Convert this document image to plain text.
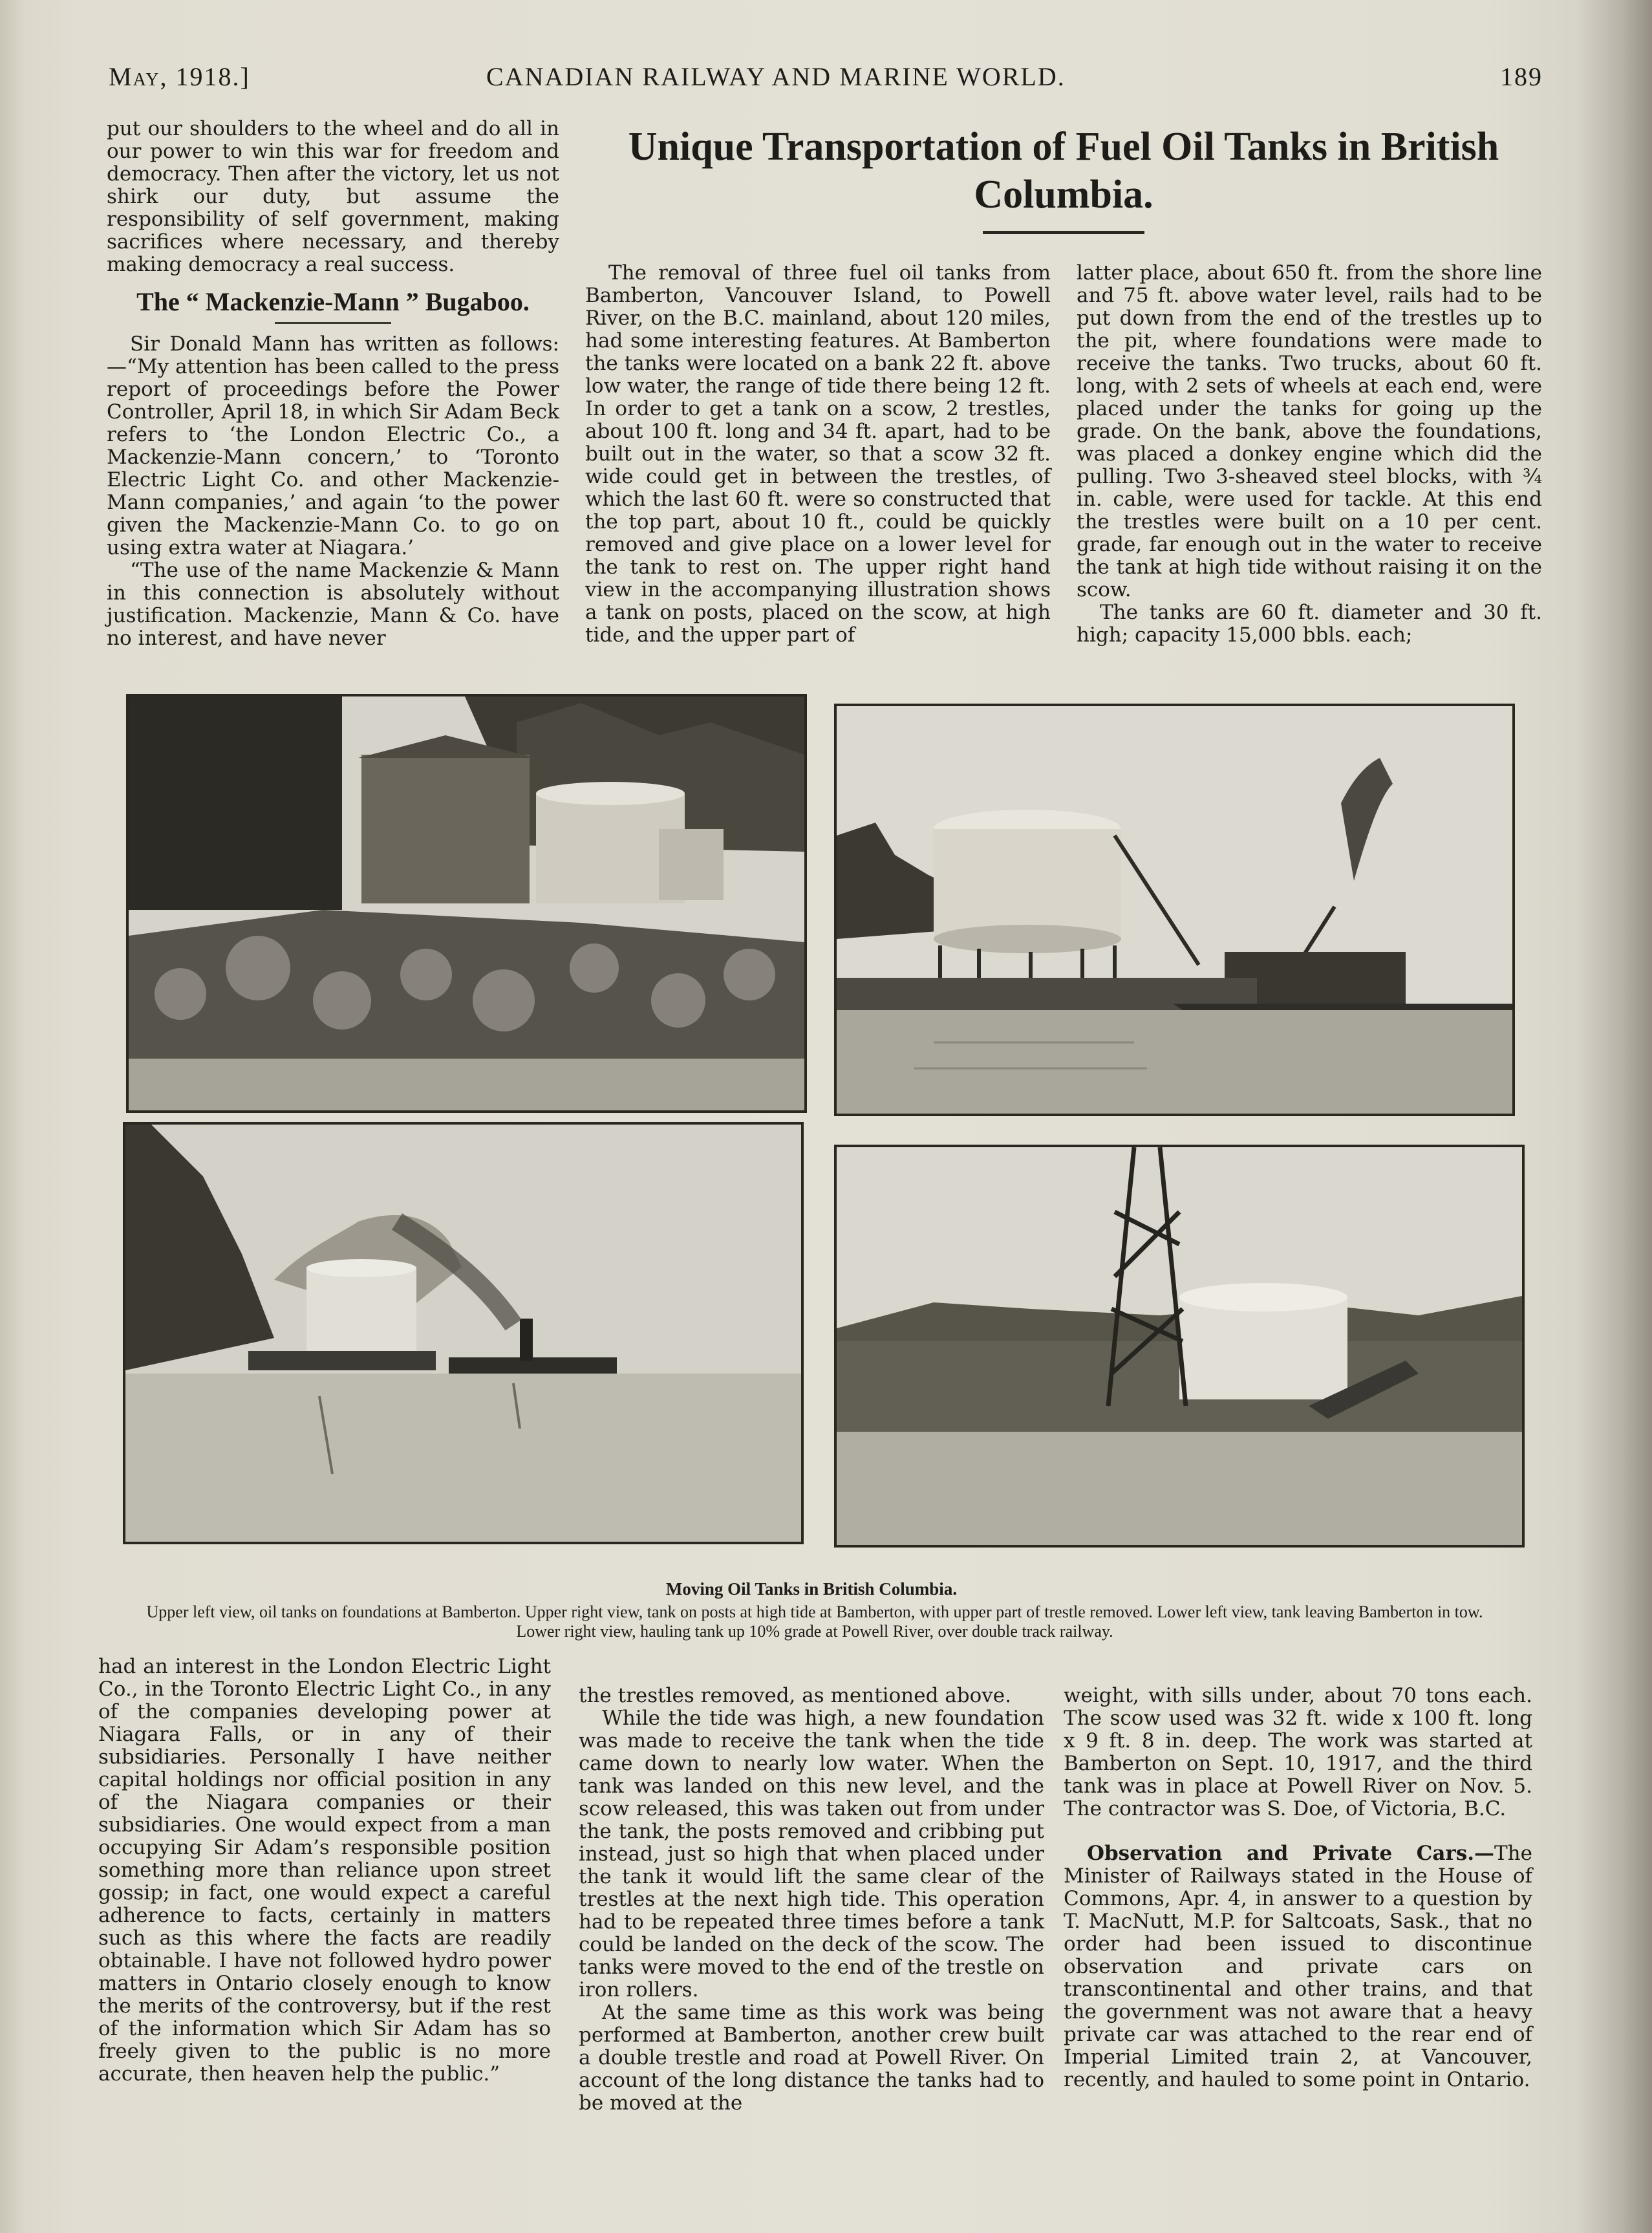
May, 1918.]	CANADIAN RAILWAY AND MARINE WORLD.	189

put our shoulders to the wheel and do all in our power to win this war for freedom and democracy. Then after the victory, let us not shirk our duty, but assume the responsibility of self government, making sacrifices where necessary, and thereby making democracy a real success.

The “ Mackenzie-Mann ” Bugaboo.

Sir Donald Mann has written as follows:—“My attention has been called to the press report of proceedings before the Power Controller, April 18, in which Sir Adam Beck refers to ‘the London Electric Co., a Mackenzie-Mann concern,’ to ‘Toronto Electric Light Co. and other Mackenzie-Mann companies,’ and again ‘to the power given the Mackenzie-Mann Co. to go on using extra water at Niagara.’

“The use of the name Mackenzie & Mann in this connection is absolutely without justification. Mackenzie, Mann & Co. have no interest, and have never

Unique Transportation of Fuel Oil Tanks in British Columbia.

The removal of three fuel oil tanks from Bamberton, Vancouver Island, to Powell River, on the B.C. mainland, about 120 miles, had some interesting features. At Bamberton the tanks were located on a bank 22 ft. above low water, the range of tide there being 12 ft. In order to get a tank on a scow, 2 trestles, about 100 ft. long and 34 ft. apart, had to be built out in the water, so that a scow 32 ft. wide could get in between the trestles, of which the last 60 ft. were so constructed that the top part, about 10 ft., could be quickly removed and give place on a lower level for the tank to rest on. The upper right hand view in the accompanying illustration shows a tank on posts, placed on the scow, at high tide, and the upper part of

latter place, about 650 ft. from the shore line and 75 ft. above water level, rails had to be put down from the end of the trestles up to the pit, where foundations were made to receive the tanks. Two trucks, about 60 ft. long, with 2 sets of wheels at each end, were placed under the tanks for going up the grade. On the bank, above the foundations, was placed a donkey engine which did the pulling. Two 3-sheaved steel blocks, with ¾ in. cable, were used for tackle. At this end the trestles were built on a 10 per cent. grade, far enough out in the water to receive the tank at high tide without raising it on the scow.

The tanks are 60 ft. diameter and 30 ft. high; capacity 15,000 bbls. each;

Moving Oil Tanks in British Columbia.
Upper left view, oil tanks on foundations at Bamberton. Upper right view, tank on posts at high tide at Bamberton, with upper part of trestle removed. Lower left view, tank leaving Bamberton in tow. Lower right view, hauling tank up 10% grade at Powell River, over double track railway.

had an interest in the London Electric Light Co., in the Toronto Electric Light Co., in any of the companies developing power at Niagara Falls, or in any of their subsidiaries. Personally I have neither capital holdings nor official position in any of the Niagara companies or their subsidiaries. One would expect from a man occupying Sir Adam’s responsible position something more than reliance upon street gossip; in fact, one would expect a careful adherence to facts, certainly in matters such as this where the facts are readily obtainable. I have not followed hydro power matters in Ontario closely enough to know the merits of the controversy, but if the rest of the information which Sir Adam has so freely given to the public is no more accurate, then heaven help the public.”

the trestles removed, as mentioned above.

While the tide was high, a new foundation was made to receive the tank when the tide came down to nearly low water. When the tank was landed on this new level, and the scow released, this was taken out from under the tank, the posts removed and cribbing put instead, just so high that when placed under the tank it would lift the same clear of the trestles at the next high tide. This operation had to be repeated three times before a tank could be landed on the deck of the scow. The tanks were moved to the end of the trestle on iron rollers.

At the same time as this work was being performed at Bamberton, another crew built a double trestle and road at Powell River. On account of the long distance the tanks had to be moved at the

weight, with sills under, about 70 tons each. The scow used was 32 ft. wide x 100 ft. long x 9 ft. 8 in. deep. The work was started at Bamberton on Sept. 10, 1917, and the third tank was in place at Powell River on Nov. 5. The contractor was S. Doe, of Victoria, B.C.

Observation and Private Cars.—The Minister of Railways stated in the House of Commons, Apr. 4, in answer to a question by T. MacNutt, M.P. for Saltcoats, Sask., that no order had been issued to discontinue observation and private cars on transcontinental and other trains, and that the government was not aware that a heavy private car was attached to the rear end of Imperial Limited train 2, at Vancouver, recently, and hauled to some point in Ontario.
